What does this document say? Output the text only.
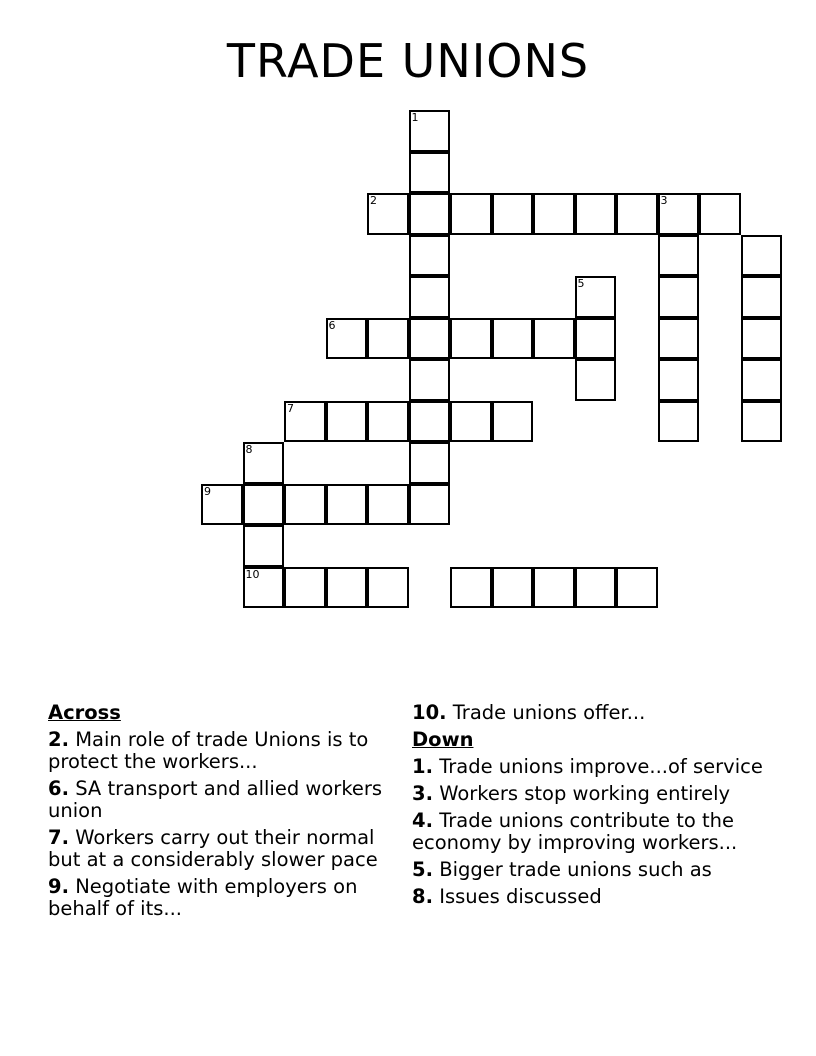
TRADE UNIONS
1
2	3
5
6
7
8
10
9
Across
2. Main role of trade Unions is to protect the workers...
6. SA transport and allied workers union
7. Workers carry out their normal but at a considerably slower pace
9. Negotiate with employers on behalf of its...
10. Trade unions offer...
Down
1. Trade unions improve...of service
3. Workers stop working entirely
4. Trade unions contribute to the economy by improving workers...
5. Bigger trade unions such as
8. Issues discussed
